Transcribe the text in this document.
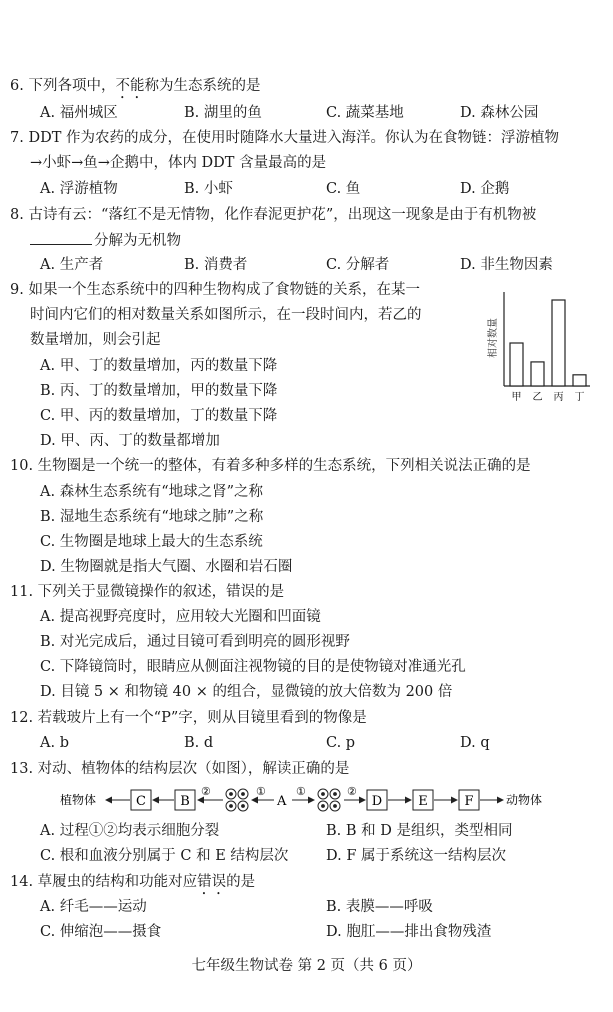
6. 下列各项中，不能称为生态系统的是
A. 福州城区	B. 湖里的鱼	C. 蔬菜基地	D. 森林公园
7. DDT 作为农药的成分，在使用时随降水大量进入海洋。你认为在食物链：浮游植物
→小虾→鱼→企鹅中，体内 DDT 含量最高的是
A. 浮游植物	B. 小虾	C. 鱼	D. 企鹅
8. 古诗有云：“落红不是无情物，化作春泥更护花”，出现这一现象是由于有机物被
分解为无机物
A. 生产者	B. 消费者	C. 分解者	D. 非生物因素
9. 如果一个生态系统中的四种生物构成了食物链的关系，在某一
时间内它们的相对数量关系如图所示，在一段时间内，若乙的
数量增加，则会引起
A. 甲、丁的数量增加，丙的数量下降
B. 丙、丁的数量增加，甲的数量下降
C. 甲、丙的数量增加，丁的数量下降
D. 甲、丙、丁的数量都增加
相对数量
甲 乙 丙 丁
10. 生物圈是一个统一的整体，有着多种多样的生态系统，下列相关说法正确的是
A. 森林生态系统有“地球之肾”之称
B. 湿地生态系统有“地球之肺”之称
C. 生物圈是地球上最大的生态系统
D. 生物圈就是指大气圈、水圈和岩石圈
11. 下列关于显微镜操作的叙述，错误的是
A. 提高视野亮度时，应用较大光圈和凹面镜
B. 对光完成后，通过目镜可看到明亮的圆形视野
C. 下降镜筒时，眼睛应从侧面注视物镜的目的是使物镜对准通光孔
D. 目镜 5 × 和物镜 40 × 的组合，显微镜的放大倍数为 200 倍
12. 若载玻片上有一个“P”字，则从目镜里看到的物像是
A. b	B. d	C. p	D. q
13. 对动、植物体的结构层次（如图），解读正确的是
植物体	C	B
②	①
A
①	②
D	E	F	动物体
A. 过程①②均表示细胞分裂	B. B 和 D 是组织，类型相同
C. 根和血液分别属于 C 和 E 结构层次	D. F 属于系统这一结构层次
14. 草履虫的结构和功能对应错误的是
A. 纤毛——运动	B. 表膜——呼吸
C. 伸缩泡——摄食	D. 胞肛——排出食物残渣
七年级生物试卷 第 2 页（共 6 页）
